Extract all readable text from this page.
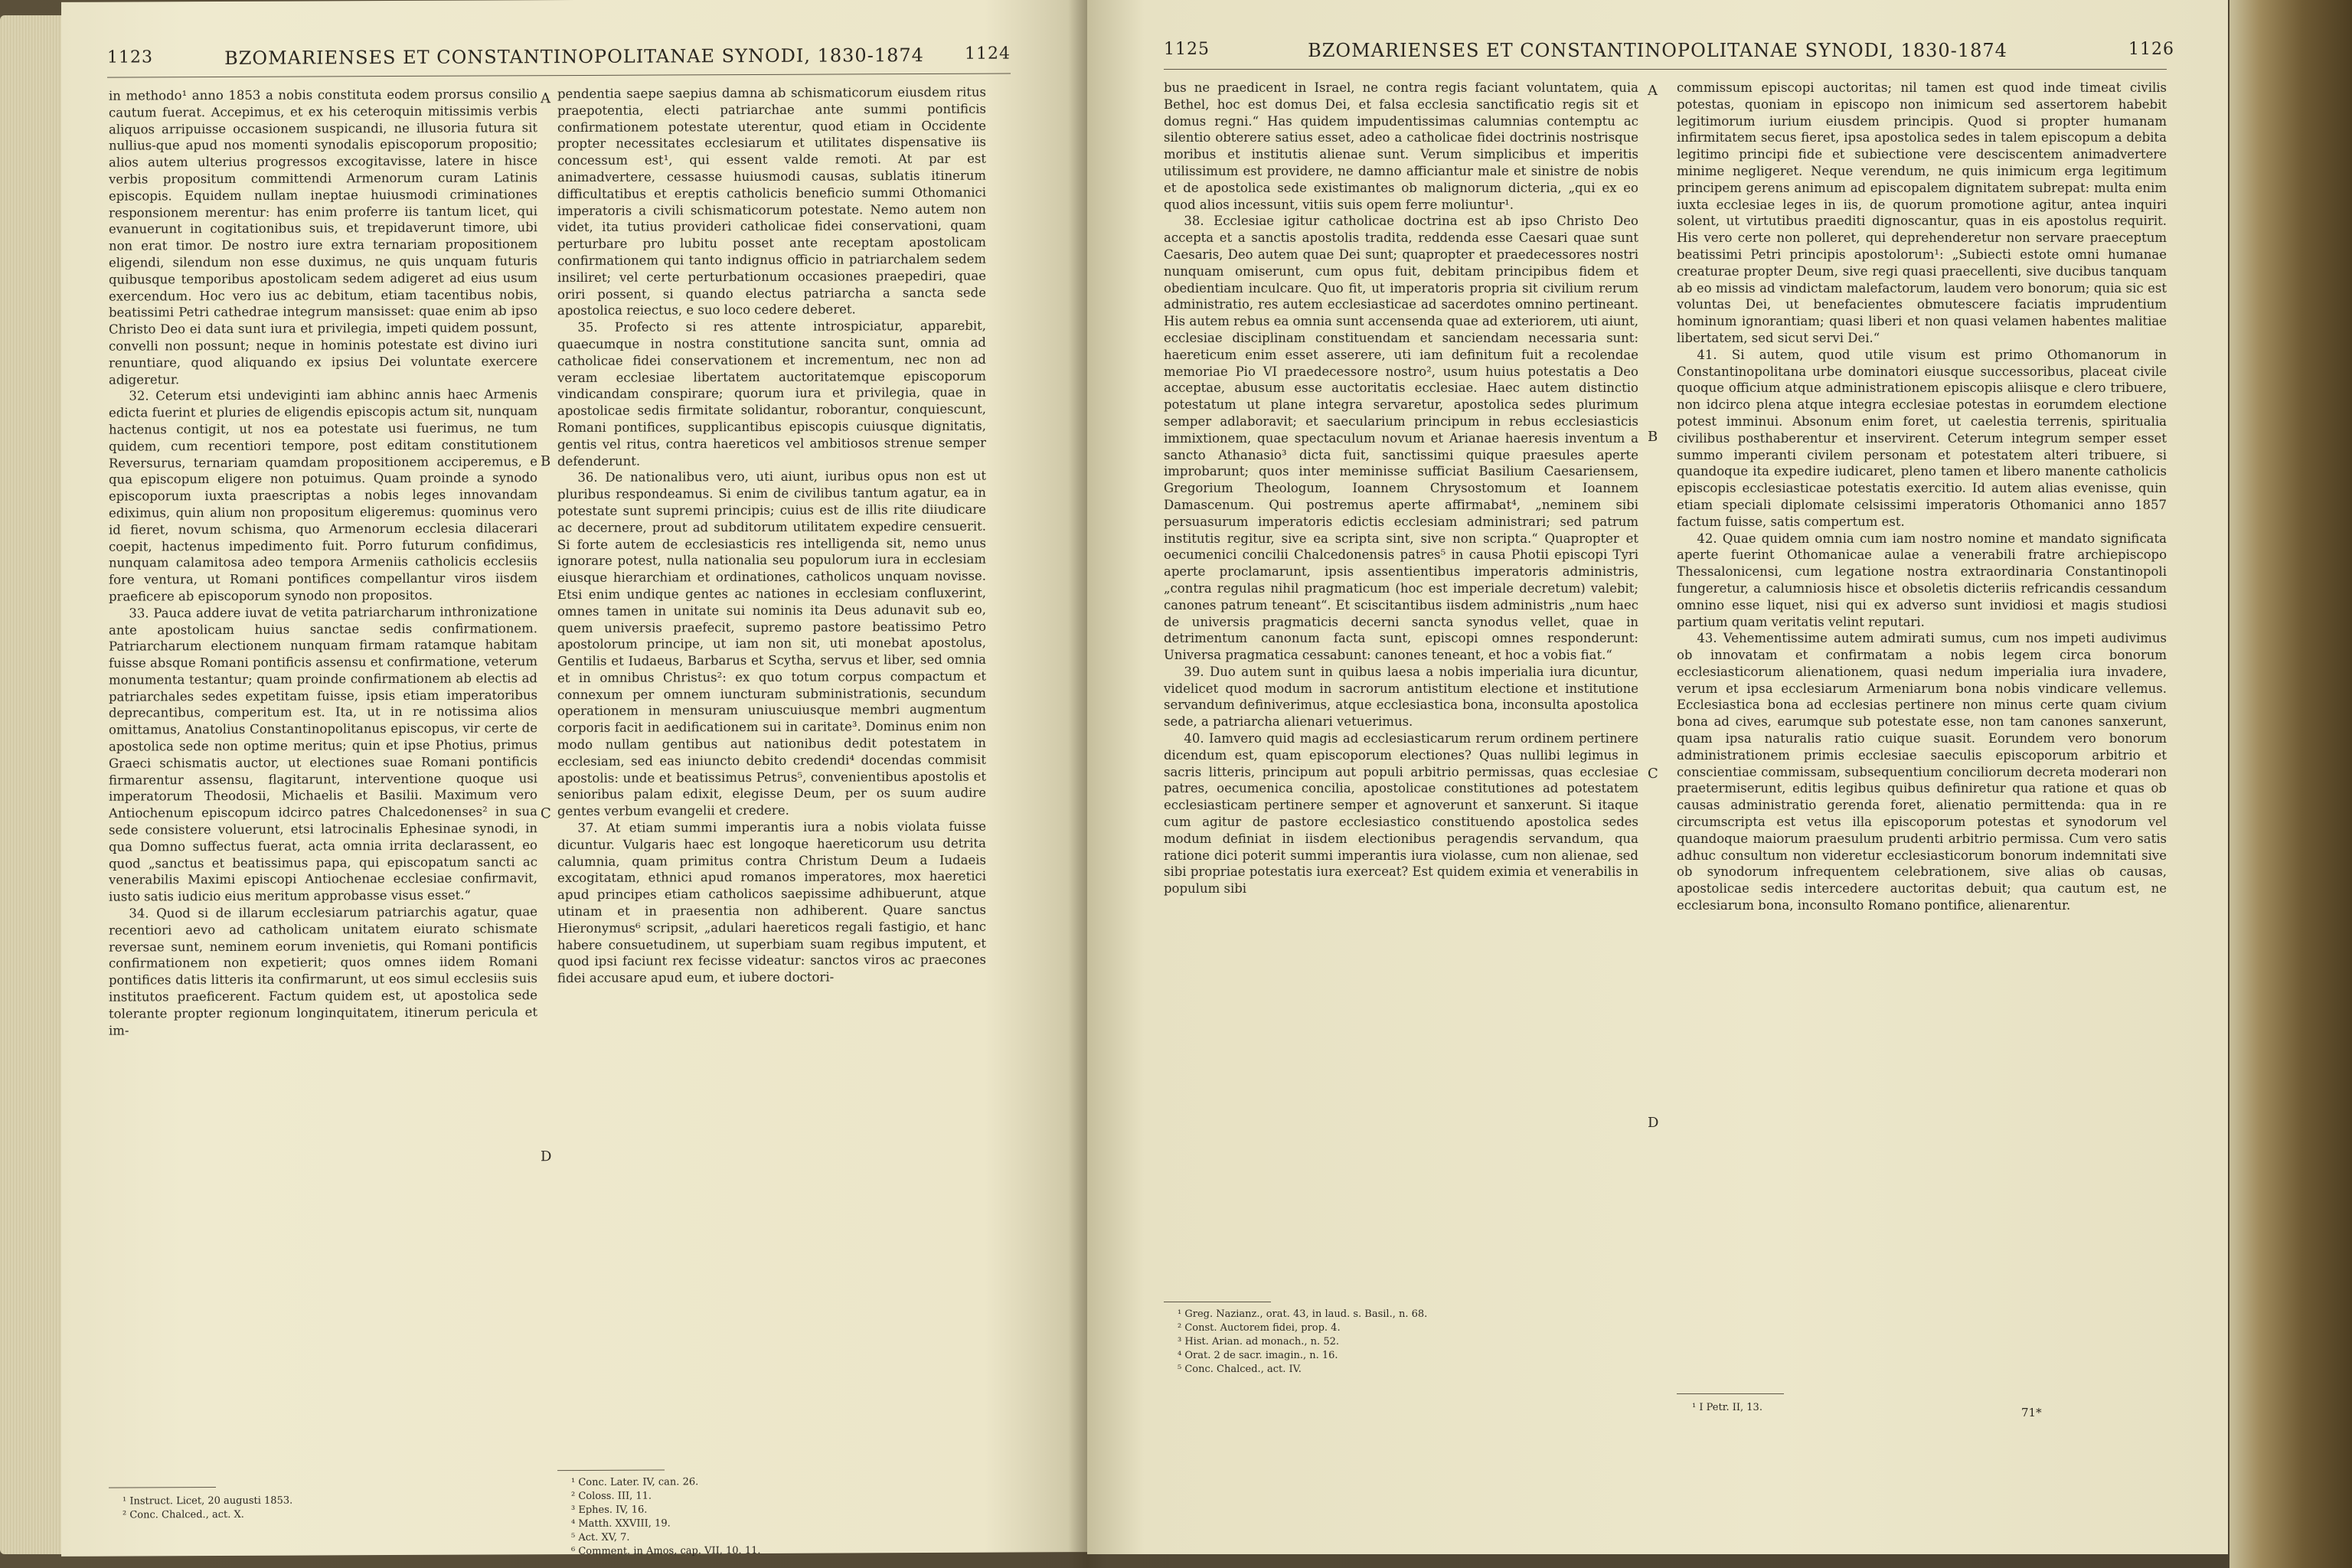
1123	BZOMARIENSES ET CONSTANTINOPOLITANAE SYNODI, 1830-1874	1124

in methodo¹ anno 1853 a nobis constituta eodem prorsus consilio cautum fuerat. Accepimus, et ex his ceteroquin mitissimis verbis aliquos arripuisse occasionem suspicandi, ne illusoria futura sit nullius-que apud nos momenti synodalis episcoporum propositio; alios autem ulterius progressos excogitavisse, latere in hisce verbis propositum committendi Armenorum curam Latinis episcopis. Equidem nullam ineptae huiusmodi criminationes responsionem merentur: has enim proferre iis tantum licet, qui evanuerunt in cogitationibus suis, et trepidaverunt timore, ubi non erat timor. De nostro iure extra ternariam propositionem eligendi, silendum non esse duximus, ne quis unquam futuris quibusque temporibus apostolicam sedem adigeret ad eius usum exercendum. Hoc vero ius ac debitum, etiam tacentibus nobis, beatissimi Petri cathedrae integrum mansisset: quae enim ab ipso Christo Deo ei data sunt iura et privilegia, impeti quidem possunt, convelli non possunt; neque in hominis potestate est divino iuri renuntiare, quod aliquando ex ipsius Dei voluntate exercere adigeretur.

32. Ceterum etsi undeviginti iam abhinc annis haec Armenis edicta fuerint et pluries de eligendis episcopis actum sit, nunquam hactenus contigit, ut nos ea potestate usi fuerimus, ne tum quidem, cum recentiori tempore, post editam constitutionem Reversurus, ternariam quamdam propositionem acciperemus, e qua episcopum eligere non potuimus. Quam proinde a synodo episcoporum iuxta praescriptas a nobis leges innovandam ediximus, quin alium non propositum eligeremus: quominus vero id fieret, novum schisma, quo Armenorum ecclesia dilacerari coepit, hactenus impedimento fuit. Porro futurum confidimus, nunquam calamitosa adeo tempora Armeniis catholicis ecclesiis fore ventura, ut Romani pontifices compellantur viros iisdem praeficere ab episcoporum synodo non propositos.

33. Pauca addere iuvat de vetita patriarcharum inthronizatione ante apostolicam huius sanctae sedis confirmationem. Patriarcharum electionem nunquam firmam ratamque habitam fuisse absque Romani pontificis assensu et confirmatione, veterum monumenta testantur; quam proinde confirmationem ab electis ad patriarchales sedes expetitam fuisse, ipsis etiam imperatoribus deprecantibus, comperitum est. Ita, ut in re notissima alios omittamus, Anatolius Constantinopolitanus episcopus, vir certe de apostolica sede non optime meritus; quin et ipse Photius, primus Graeci schismatis auctor, ut electiones suae Romani pontificis firmarentur assensu, flagitarunt, interventione quoque usi imperatorum Theodosii, Michaelis et Basilii. Maximum vero Antiochenum episcopum idcirco patres Chalcedonenses² in sua sede consistere voluerunt, etsi latrocinalis Ephesinae synodi, in qua Domno suffectus fuerat, acta omnia irrita declarassent, eo quod „sanctus et beatissimus papa, qui episcopatum sancti ac venerabilis Maximi episcopi Antiochenae ecclesiae confirmavit, iusto satis iudicio eius meritum approbasse visus esset.“

34. Quod si de illarum ecclesiarum patriarchis agatur, quae recentiori aevo ad catholicam unitatem eiurato schismate reversae sunt, neminem eorum invenietis, qui Romani pontificis confirmationem non expetierit; quos omnes iidem Romani pontifices datis litteris ita confirmarunt, ut eos simul ecclesiis suis institutos praeficerent. Factum quidem est, ut apostolica sede tolerante propter regionum longinquitatem, itinerum pericula et im-

pendentia saepe saepius damna ab schismaticorum eiusdem ritus praepotentia, electi patriarchae ante summi pontificis confirmationem potestate uterentur, quod etiam in Occidente propter necessitates ecclesiarum et utilitates dispensative iis concessum est¹, qui essent valde remoti. At par est animadvertere, cessasse huiusmodi causas, sublatis itinerum difficultatibus et ereptis catholicis beneficio summi Othomanici imperatoris a civili schismaticorum potestate. Nemo autem non videt, ita tutius provideri catholicae fidei conservationi, quam perturbare pro lubitu posset ante receptam apostolicam confirmationem qui tanto indignus officio in patriarchalem sedem insiliret; vel certe perturbationum occasiones praepediri, quae oriri possent, si quando electus patriarcha a sancta sede apostolica reiectus, e suo loco cedere deberet.

35. Profecto si res attente introspiciatur, apparebit, quaecumque in nostra constitutione sancita sunt, omnia ad catholicae fidei conservationem et incrementum, nec non ad veram ecclesiae libertatem auctoritatemque episcoporum vindicandam conspirare; quorum iura et privilegia, quae in apostolicae sedis firmitate solidantur, roborantur, conquiescunt, Romani pontifices, supplicantibus episcopis cuiusque dignitatis, gentis vel ritus, contra haereticos vel ambitiosos strenue semper defenderunt.

36. De nationalibus vero, uti aiunt, iuribus opus non est ut pluribus respondeamus. Si enim de civilibus tantum agatur, ea in potestate sunt supremi principis; cuius est de illis rite diiudicare ac decernere, prout ad subditorum utilitatem expedire censuerit. Si forte autem de ecclesiasticis res intelligenda sit, nemo unus ignorare potest, nulla nationalia seu populorum iura in ecclesiam eiusque hierarchiam et ordinationes, catholicos unquam novisse. Etsi enim undique gentes ac nationes in ecclesiam confluxerint, omnes tamen in unitate sui nominis ita Deus adunavit sub eo, quem universis praefecit, supremo pastore beatissimo Petro apostolorum principe, ut iam non sit, uti monebat apostolus, Gentilis et Iudaeus, Barbarus et Scytha, servus et liber, sed omnia et in omnibus Christus²: ex quo totum corpus compactum et connexum per omnem iuncturam subministrationis, secundum operationem in mensuram uniuscuiusque membri augmentum corporis facit in aedificationem sui in caritate³. Dominus enim non modo nullam gentibus aut nationibus dedit potestatem in ecclesiam, sed eas iniuncto debito credendi⁴ docendas commisit apostolis: unde et beatissimus Petrus⁵, convenientibus apostolis et senioribus palam edixit, elegisse Deum, per os suum audire gentes verbum evangelii et credere.

37. At etiam summi imperantis iura a nobis violata fuisse dicuntur. Vulgaris haec est longoque haereticorum usu detrita calumnia, quam primitus contra Christum Deum a Iudaeis excogitatam, ethnici apud romanos imperatores, mox haeretici apud principes etiam catholicos saepissime adhibuerunt, atque utinam et in praesentia non adhiberent. Quare sanctus Hieronymus⁶ scripsit, „adulari haereticos regali fastigio, et hanc habere consuetudinem, ut superbiam suam regibus imputent, et quod ipsi faciunt rex fecisse videatur: sanctos viros ac praecones fidei accusare apud eum, et iubere doctori-

A
B
C
D
¹ Instruct. Licet, 20 augusti 1853.
² Conc. Chalced., act. X.
¹ Conc. Later. IV, can. 26.
² Coloss. III, 11.
³ Ephes. IV, 16.
⁴ Matth. XXVIII, 19.
⁵ Act. XV, 7.
⁶ Comment. in Amos, cap. VII, 10. 11.
1125	BZOMARIENSES ET CONSTANTINOPOLITANAE SYNODI, 1830-1874	1126

bus ne praedicent in Israel, ne contra regis faciant voluntatem, quia Bethel, hoc est domus Dei, et falsa ecclesia sanctificatio regis sit et domus regni.“ Has quidem impudentissimas calumnias contemptu ac silentio obterere satius esset, adeo a catholicae fidei doctrinis nostrisque moribus et institutis alienae sunt. Verum simplicibus et imperitis utilissimum est providere, ne damno afficiantur male et sinistre de nobis et de apostolica sede existimantes ob malignorum dicteria, „qui ex eo quod alios incessunt, vitiis suis opem ferre moliuntur¹.

38. Ecclesiae igitur catholicae doctrina est ab ipso Christo Deo accepta et a sanctis apostolis tradita, reddenda esse Caesari quae sunt Caesaris, Deo autem quae Dei sunt; quapropter et praedecessores nostri nunquam omiserunt, cum opus fuit, debitam principibus fidem et obedientiam inculcare. Quo fit, ut imperatoris propria sit civilium rerum administratio, res autem ecclesiasticae ad sacerdotes omnino pertineant. His autem rebus ea omnia sunt accensenda quae ad exteriorem, uti aiunt, ecclesiae disciplinam constituendam et sanciendam necessaria sunt: haereticum enim esset asserere, uti iam definitum fuit a recolendae memoriae Pio VI praedecessore nostro², usum huius potestatis a Deo acceptae, abusum esse auctoritatis ecclesiae. Haec autem distinctio potestatum ut plane integra servaretur, apostolica sedes plurimum semper adlaboravit; et saecularium principum in rebus ecclesiasticis immixtionem, quae spectaculum novum et Arianae haeresis inventum a sancto Athanasio³ dicta fuit, sanctissimi quique praesules aperte improbarunt; quos inter meminisse sufficiat Basilium Caesariensem, Gregorium Theologum, Ioannem Chrysostomum et Ioannem Damascenum. Qui postremus aperte affirmabat⁴, „neminem sibi persuasurum imperatoris edictis ecclesiam administrari; sed patrum institutis regitur, sive ea scripta sint, sive non scripta.“ Quapropter et oecumenici concilii Chalcedonensis patres⁵ in causa Photii episcopi Tyri aperte proclamarunt, ipsis assentientibus imperatoris administris, „contra regulas nihil pragmaticum (hoc est imperiale decretum) valebit; canones patrum teneant“. Et sciscitantibus iisdem administris „num haec de universis pragmaticis decerni sancta synodus vellet, quae in detrimentum canonum facta sunt, episcopi omnes responderunt: Universa pragmatica cessabunt: canones teneant, et hoc a vobis fiat.“

39. Duo autem sunt in quibus laesa a nobis imperialia iura dicuntur, videlicet quod modum in sacrorum antistitum electione et institutione servandum definiverimus, atque ecclesiastica bona, inconsulta apostolica sede, a patriarcha alienari vetuerimus.

40. Iamvero quid magis ad ecclesiasticarum rerum ordinem pertinere dicendum est, quam episcoporum electiones? Quas nullibi legimus in sacris litteris, principum aut populi arbitrio permissas, quas ecclesiae patres, oecumenica concilia, apostolicae constitutiones ad potestatem ecclesiasticam pertinere semper et agnoverunt et sanxerunt. Si itaque cum agitur de pastore ecclesiastico constituendo apostolica sedes modum definiat in iisdem electionibus peragendis servandum, qua ratione dici poterit summi imperantis iura violasse, cum non alienae, sed sibi propriae potestatis iura exerceat? Est quidem eximia et venerabilis in populum sibi

commissum episcopi auctoritas; nil tamen est quod inde timeat civilis potestas, quoniam in episcopo non inimicum sed assertorem habebit legitimorum iurium eiusdem principis. Quod si propter humanam infirmitatem secus fieret, ipsa apostolica sedes in talem episcopum a debita legitimo principi fide et subiectione vere desciscentem animadvertere minime negligeret. Neque verendum, ne quis inimicum erga legitimum principem gerens animum ad episcopalem dignitatem subrepat: multa enim iuxta ecclesiae leges in iis, de quorum promotione agitur, antea inquiri solent, ut virtutibus praediti dignoscantur, quas in eis apostolus requirit. His vero certe non polleret, qui deprehenderetur non servare praeceptum beatissimi Petri principis apostolorum¹: „Subiecti estote omni humanae creaturae propter Deum, sive regi quasi praecellenti, sive ducibus tanquam ab eo missis ad vindictam malefactorum, laudem vero bonorum; quia sic est voluntas Dei, ut benefacientes obmutescere faciatis imprudentium hominum ignorantiam; quasi liberi et non quasi velamen habentes malitiae libertatem, sed sicut servi Dei.“

41. Si autem, quod utile visum est primo Othomanorum in Constantinopolitana urbe dominatori eiusque successoribus, placeat civile quoque officium atque administrationem episcopis aliisque e clero tribuere, non idcirco plena atque integra ecclesiae potestas in eorumdem electione potest imminui. Absonum enim foret, ut caelestia terrenis, spiritualia civilibus posthaberentur et inservirent. Ceterum integrum semper esset summo imperanti civilem personam et potestatem alteri tribuere, si quandoque ita expedire iudicaret, pleno tamen et libero manente catholicis episcopis ecclesiasticae potestatis exercitio. Id autem alias evenisse, quin etiam speciali diplomate celsissimi imperatoris Othomanici anno 1857 factum fuisse, satis compertum est.

42. Quae quidem omnia cum iam nostro nomine et mandato significata aperte fuerint Othomanicae aulae a venerabili fratre archiepiscopo Thessalonicensi, cum legatione nostra extraordinaria Constantinopoli fungeretur, a calumniosis hisce et obsoletis dicteriis refricandis cessandum omnino esse liquet, nisi qui ex adverso sunt invidiosi et magis studiosi partium quam veritatis velint reputari.

43. Vehementissime autem admirati sumus, cum nos impeti audivimus ob innovatam et confirmatam a nobis legem circa bonorum ecclesiasticorum alienationem, quasi nedum imperialia iura invadere, verum et ipsa ecclesiarum Armeniarum bona nobis vindicare vellemus. Ecclesiastica bona ad ecclesias pertinere non minus certe quam civium bona ad cives, earumque sub potestate esse, non tam canones sanxerunt, quam ipsa naturalis ratio cuique suasit. Eorundem vero bonorum administrationem primis ecclesiae saeculis episcoporum arbitrio et conscientiae commissam, subsequentium conciliorum decreta moderari non praetermiserunt, editis legibus quibus definiretur qua ratione et quas ob causas administratio gerenda foret, alienatio permittenda: qua in re circumscripta est vetus illa episcoporum potestas et synodorum vel quandoque maiorum praesulum prudenti arbitrio permissa. Cum vero satis adhuc consultum non videretur ecclesiasticorum bonorum indemnitati sive ob synodorum infrequentem celebrationem, sive alias ob causas, apostolicae sedis intercedere auctoritas debuit; qua cautum est, ne ecclesiarum bona, inconsulto Romano pontifice, alienarentur.

A
B
C
D
¹ Greg. Nazianz., orat. 43, in laud. s. Basil., n. 68.
² Const. Auctorem fidei, prop. 4.
³ Hist. Arian. ad monach., n. 52.
⁴ Orat. 2 de sacr. imagin., n. 16.
⁵ Conc. Chalced., act. IV.
¹ I Petr. II, 13.	71*
